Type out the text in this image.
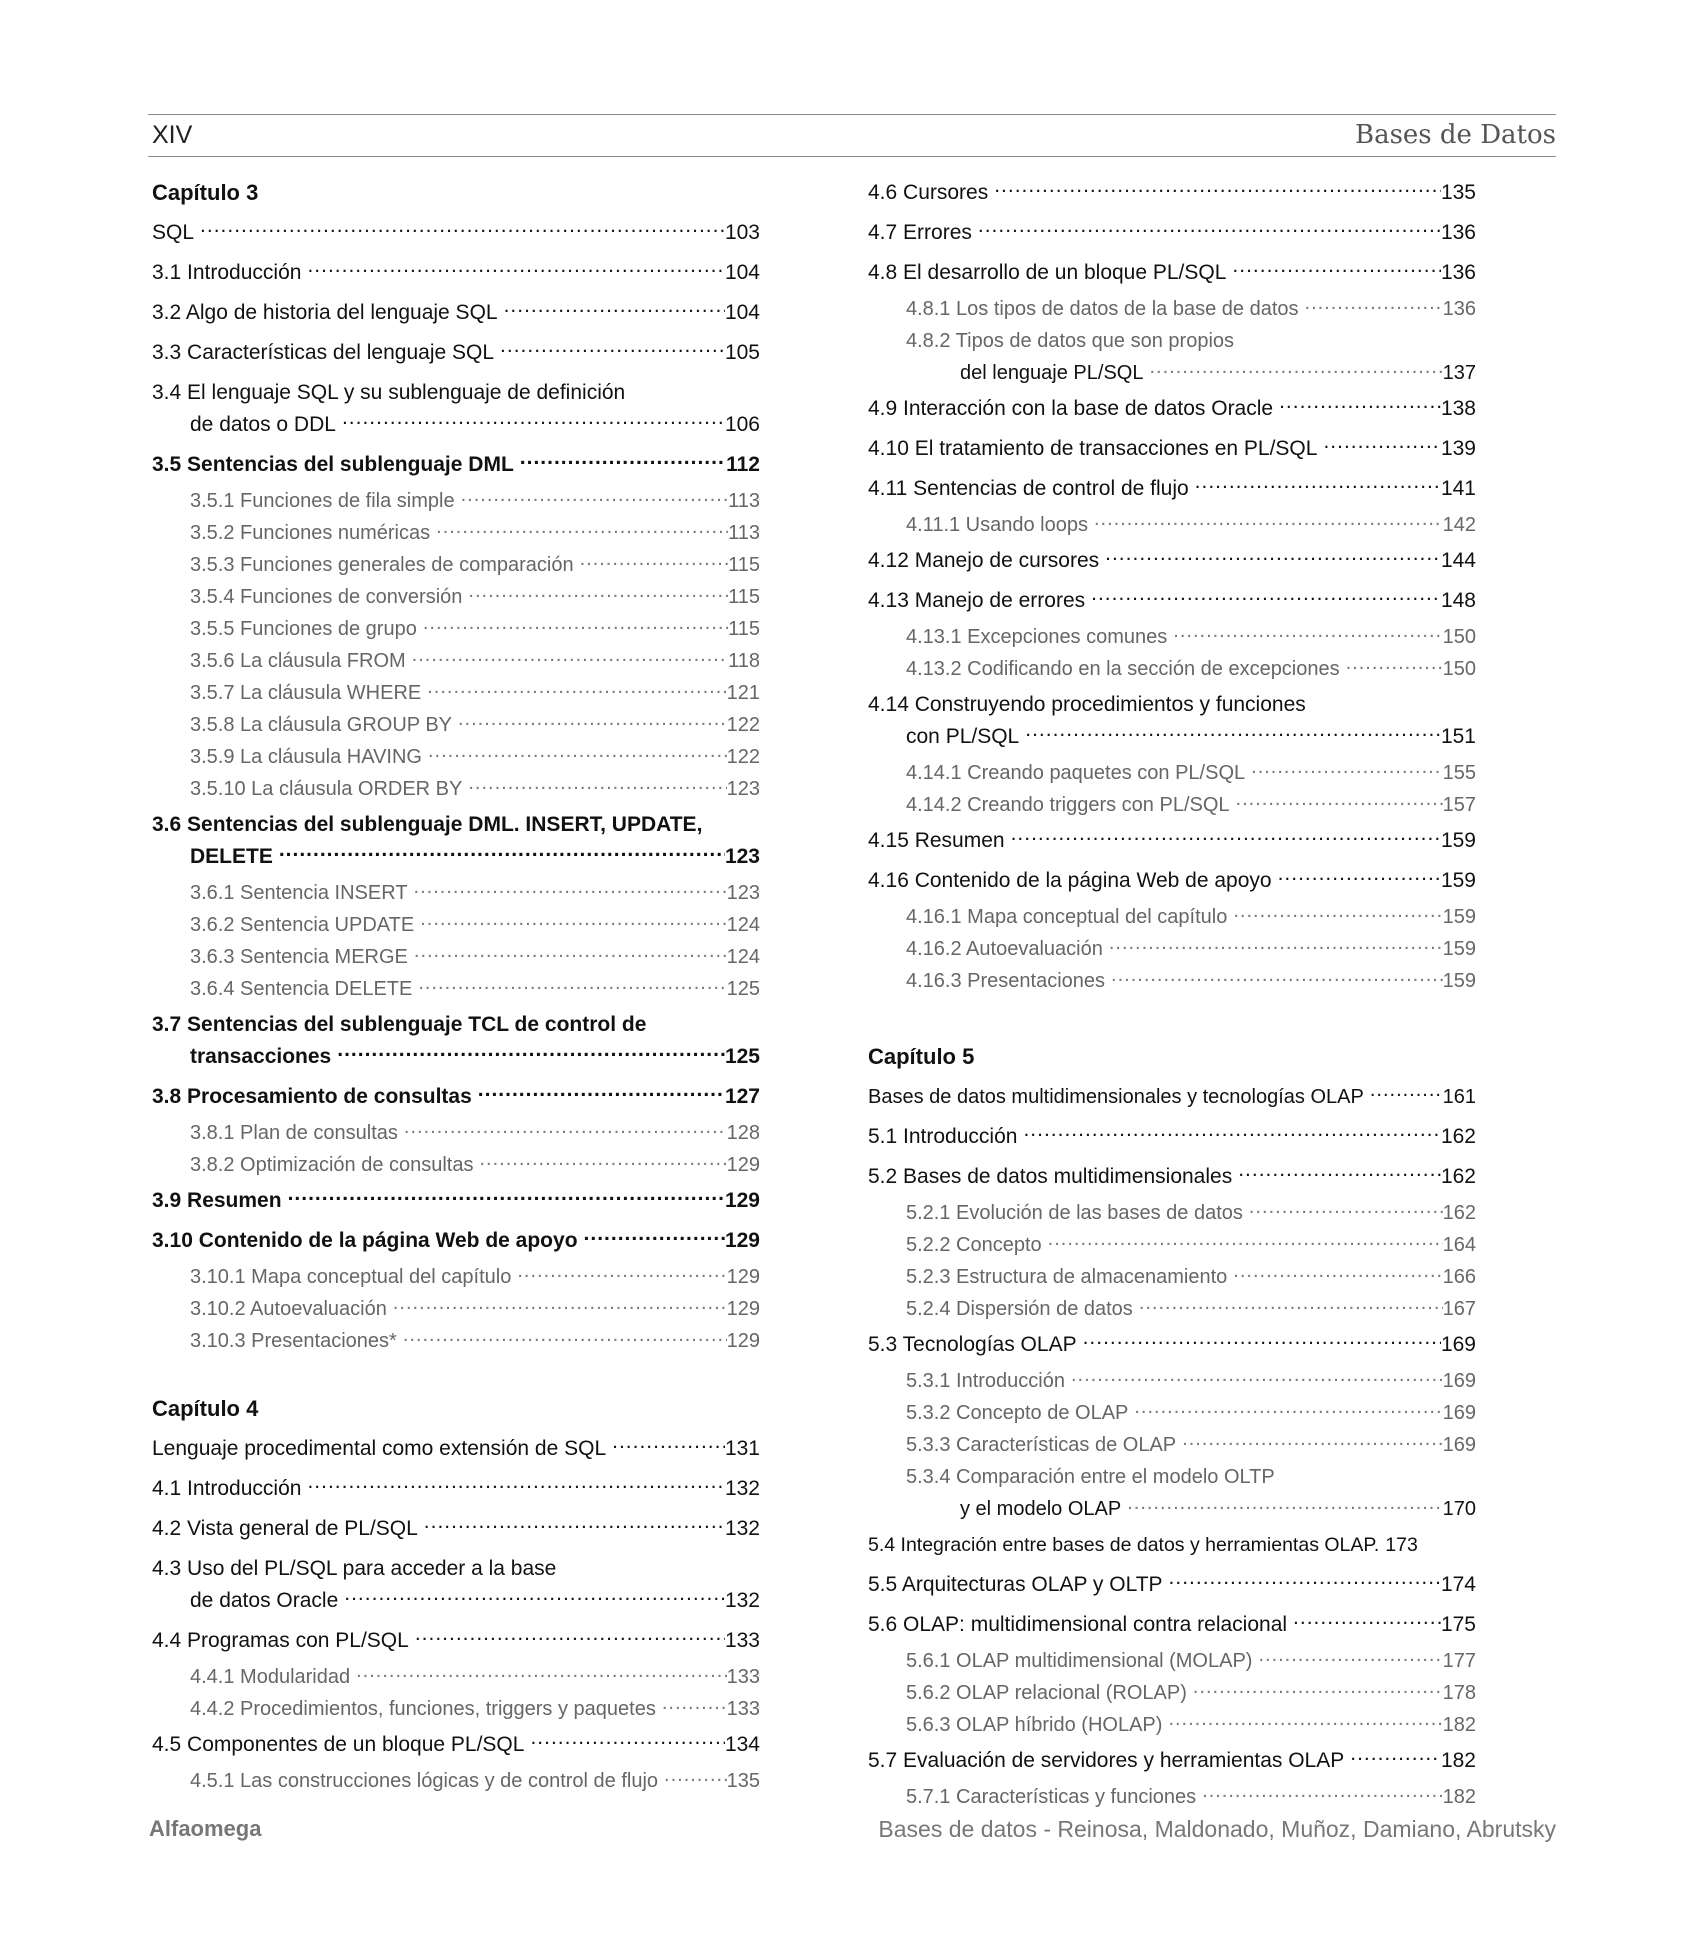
XIV	Bases de Datos
Capítulo 3
SQL .....	103
3.1 Introducción .....	104
3.2 Algo de historia del lenguaje SQL .....	104
3.3 Características del lenguaje SQL .....	105
3.4 El lenguaje SQL y su sublenguaje de definición
de datos o DDL .....	106
3.5 Sentencias del sublenguaje DML .....	112
3.5.1 Funciones de fila simple .....	113
3.5.2 Funciones numéricas .....	113
3.5.3 Funciones generales de comparación .....	115
3.5.4 Funciones de conversión .....	115
3.5.5 Funciones de grupo .....	115
3.5.6 La cláusula FROM .....	118
3.5.7 La cláusula WHERE .....	121
3.5.8 La cláusula GROUP BY .....	122
3.5.9 La cláusula HAVING .....	122
3.5.10 La cláusula ORDER BY .....	123
3.6 Sentencias del sublenguaje DML. INSERT, UPDATE,
DELETE .....	123
3.6.1 Sentencia INSERT .....	123
3.6.2 Sentencia UPDATE .....	124
3.6.3 Sentencia MERGE .....	124
3.6.4 Sentencia DELETE .....	125
3.7 Sentencias del sublenguaje TCL de control de
transacciones .....	125
3.8 Procesamiento de consultas .....	127
3.8.1 Plan de consultas .....	128
3.8.2 Optimización de consultas .....	129
3.9 Resumen .....	129
3.10 Contenido de la página Web de apoyo .....	129
3.10.1 Mapa conceptual del capítulo .....	129
3.10.2 Autoevaluación .....	129
3.10.3 Presentaciones* .....	129
Capítulo 4
Lenguaje procedimental como extensión de SQL .....	131
4.1 Introducción .....	132
4.2 Vista general de PL/SQL .....	132
4.3 Uso del PL/SQL para acceder a la base
de datos Oracle .....	132
4.4 Programas con PL/SQL .....	133
4.4.1 Modularidad .....	133
4.4.2 Procedimientos, funciones, triggers y paquetes .....	133
4.5 Componentes de un bloque PL/SQL .....	134
4.5.1 Las construcciones lógicas y de control de flujo .....	135
4.6 Cursores .....	135
4.7 Errores .....	136
4.8 El desarrollo de un bloque PL/SQL .....	136
4.8.1 Los tipos de datos de la base de datos .....	136
4.8.2 Tipos de datos que son propios
del lenguaje PL/SQL .....	137
4.9 Interacción con la base de datos Oracle .....	138
4.10 El tratamiento de transacciones en PL/SQL .....	139
4.11 Sentencias de control de flujo .....	141
4.11.1 Usando loops .....	142
4.12 Manejo de cursores .....	144
4.13 Manejo de errores .....	148
4.13.1 Excepciones comunes .....	150
4.13.2 Codificando en la sección de excepciones .....	150
4.14 Construyendo procedimientos y funciones
con PL/SQL .....	151
4.14.1 Creando paquetes con PL/SQL .....	155
4.14.2 Creando triggers con PL/SQL .....	157
4.15 Resumen .....	159
4.16 Contenido de la página Web de apoyo .....	159
4.16.1 Mapa conceptual del capítulo .....	159
4.16.2 Autoevaluación .....	159
4.16.3 Presentaciones .....	159
Capítulo 5
Bases de datos multidimensionales y tecnologías OLAP .....	161
5.1 Introducción .....	162
5.2 Bases de datos multidimensionales .....	162
5.2.1 Evolución de las bases de datos .....	162
5.2.2 Concepto .....	164
5.2.3 Estructura de almacenamiento .....	166
5.2.4 Dispersión de datos .....	167
5.3 Tecnologías OLAP .....	169
5.3.1 Introducción .....	169
5.3.2 Concepto de OLAP .....	169
5.3.3 Características de OLAP .....	169
5.3.4 Comparación entre el modelo OLTP
y el modelo OLAP .....	170
5.4 Integración entre bases de datos y herramientas OLAP. 173
5.5 Arquitecturas OLAP y OLTP .....	174
5.6 OLAP: multidimensional contra relacional .....	175
5.6.1 OLAP multidimensional (MOLAP) .....	177
5.6.2 OLAP relacional (ROLAP) .....	178
5.6.3 OLAP híbrido (HOLAP) .....	182
5.7 Evaluación de servidores y herramientas OLAP .....	182
5.7.1 Características y funciones .....	182
Alfaomega	Bases de datos - Reinosa, Maldonado, Muñoz, Damiano, Abrutsky
